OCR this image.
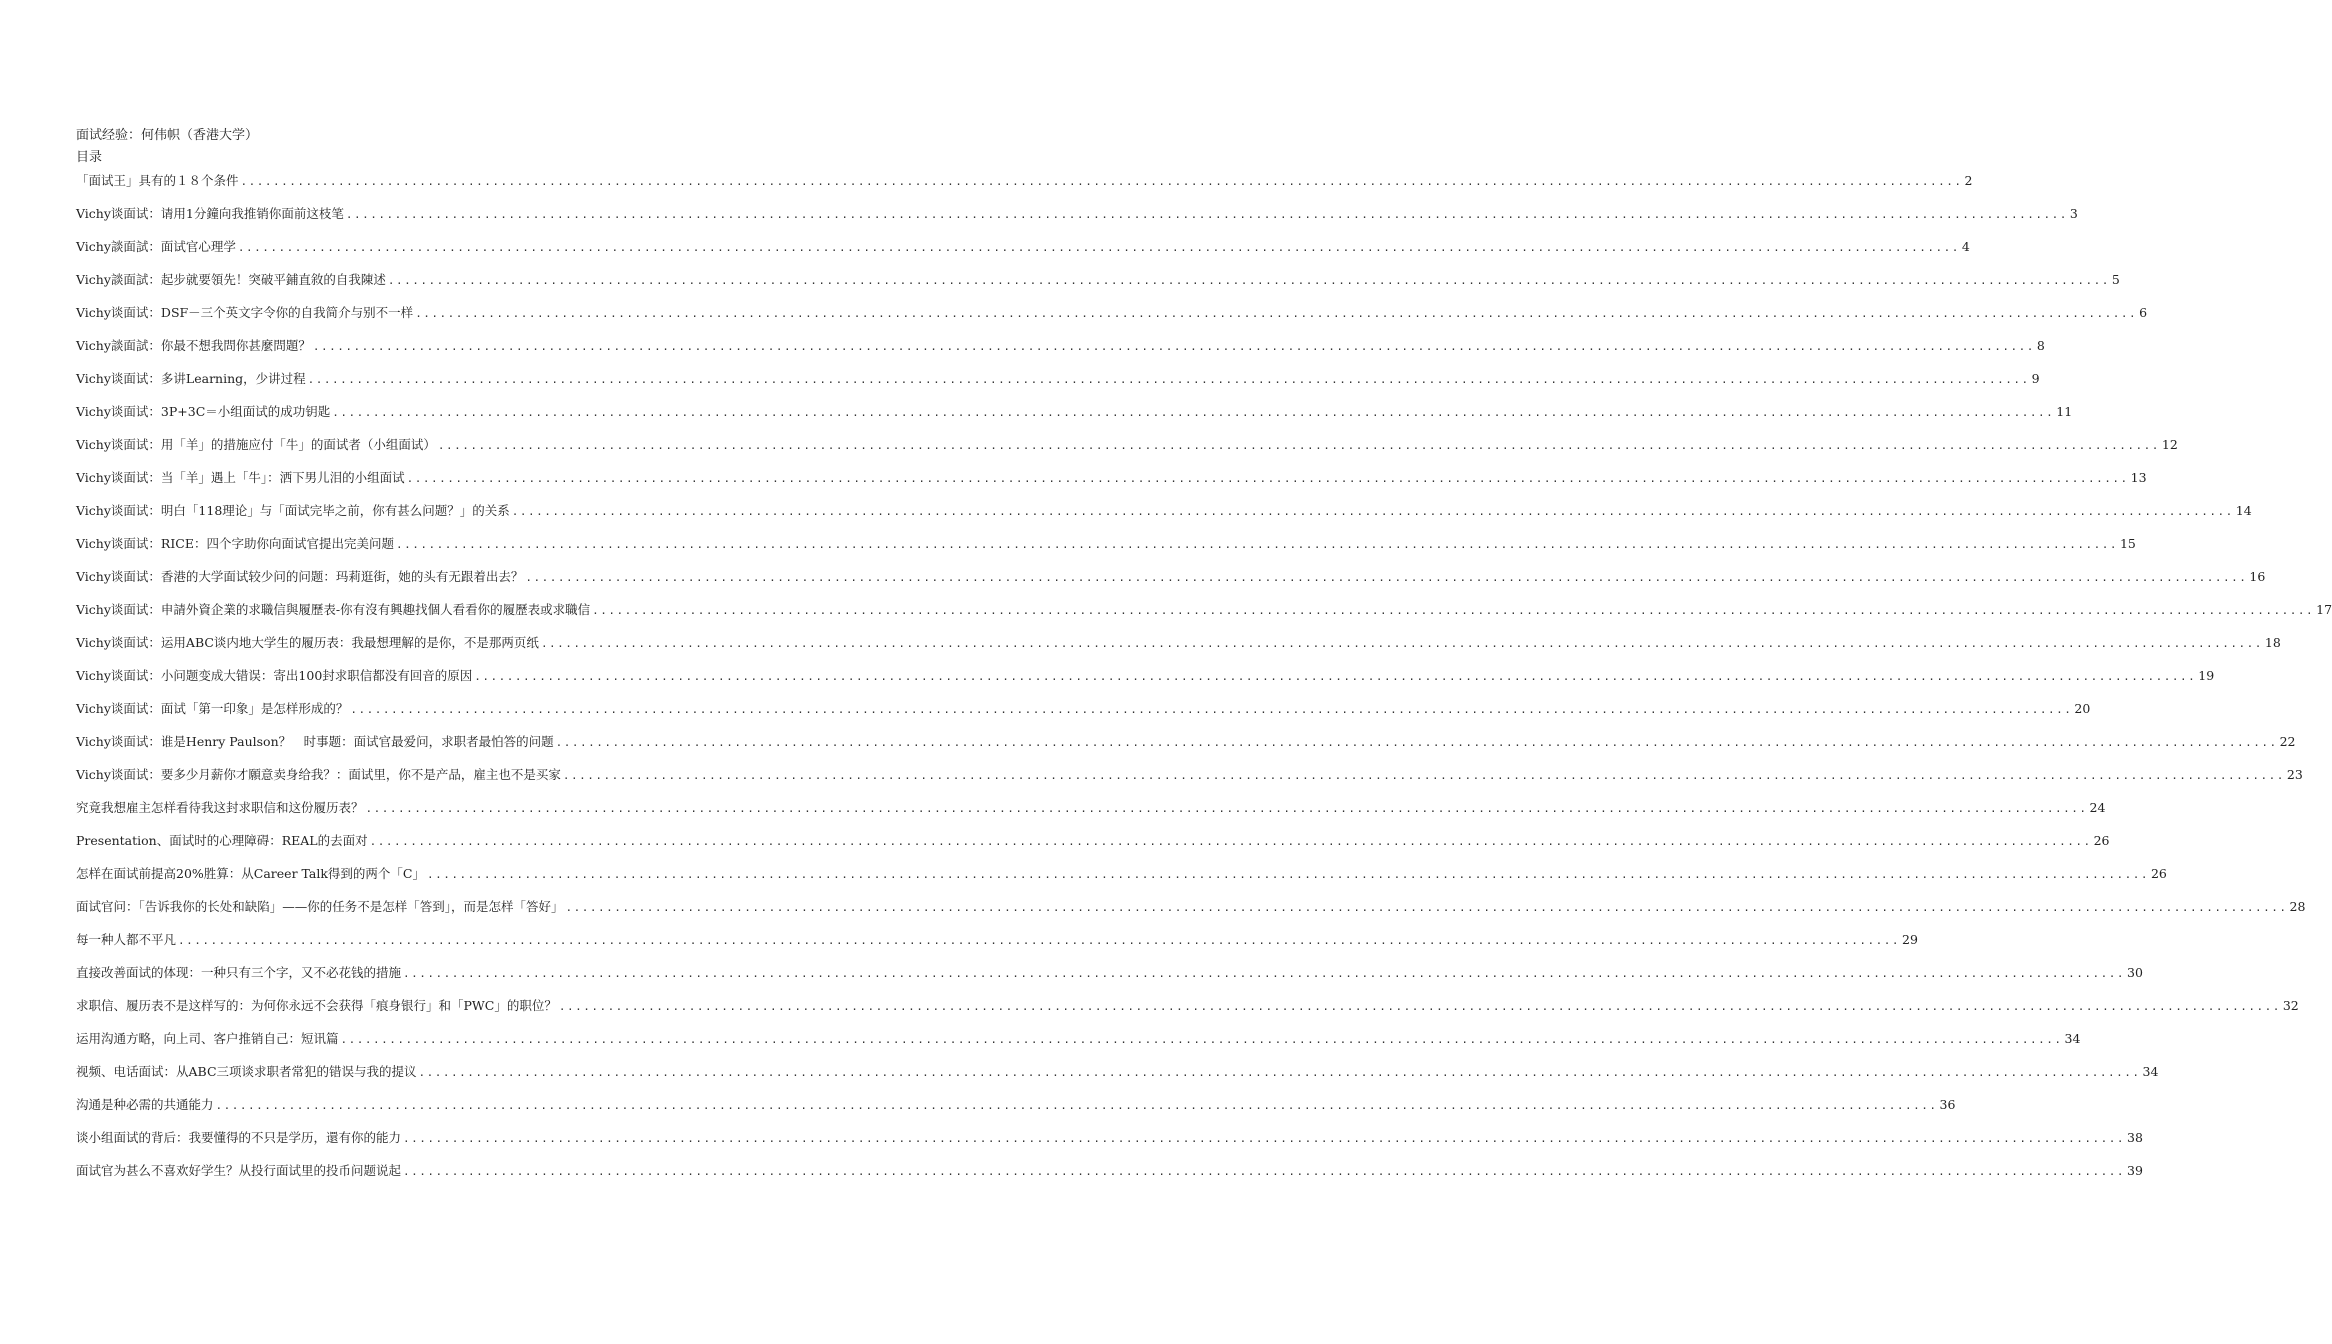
面试经验：何伟帜（香港大学）
目录
「面试王」具有的１８个条件 .....	2
Vichy谈面试：请用1分鐘向我推销你面前这枝笔 .....	3
Vichy談面試：面试官心理学 .....	4
Vichy談面試：起步就要領先！突破平鋪直敘的自我陳述 .....	5
Vichy谈面试：DSF－三个英文字令你的自我简介与别不一样 .....	6
Vichy談面試：你最不想我問你甚麼問題？ .....	8
Vichy谈面试：多讲Learning，少讲过程 .....	9
Vichy谈面试：3P+3C＝小组面试的成功钥匙 .....	11
Vichy谈面试：用「羊」的措施应付「牛」的面试者（小组面试） .....	12
Vichy谈面试：当「羊」遇上「牛」：洒下男儿泪的小组面试 .....	13
Vichy谈面试：明白「118理论」与「面试完毕之前，你有甚么问题？」的关系 .....	14
Vichy谈面试：RICE：四个字助你向面试官提出完美问题 .....	15
Vichy谈面试：香港的大学面试较少问的问题：玛莉逛街，她的头有无跟着出去？ .....	16
Vichy谈面试：申請外資企業的求職信與履歷表-你有沒有興趣找個人看看你的履歷表或求職信 .....	17
Vichy谈面试：运用ABC谈内地大学生的履历表：我最想理解的是你，不是那两页纸 .....	18
Vichy谈面试：小问题变成大错误：寄出100封求职信都没有回音的原因 .....	19
Vichy谈面试：面试「第一印象」是怎样形成的？ .....	20
Vichy谈面试：谁是Henry Paulson？　时事题：面试官最爱问，求职者最怕答的问题 .....	22
Vichy谈面试：要多少月薪你才願意卖身给我？：面试里，你不是产品，雇主也不是买家 .....	23
究竟我想雇主怎样看待我这封求职信和这份履历表？ .....	24
Presentation、面试时的心理障碍：REAL的去面对 .....	26
怎样在面试前提高20%胜算：从Career Talk得到的两个「C」 .....	26
面试官问：「告诉我你的长处和缺陷」——你的任务不是怎样「答到」，而是怎样「答好」 .....	28
每一种人都不平凡 .....	29
直接改善面试的体现：一种只有三个字，又不必花钱的措施 .....	30
求职信、履历表不是这样写的：为何你永远不会获得「痕身银行」和「PWC」的职位？ .....	32
运用沟通方略，向上司、客户推销自己：短讯篇 .....	34
视频、电话面试：从ABC三项谈求职者常犯的错误与我的提议 .....	34
沟通是种必需的共通能力 .....	36
谈小组面试的背后：我要懂得的不只是学历，還有你的能力 .....	38
面试官为甚么不喜欢好学生？从投行面试里的投币问题说起 .....	39
